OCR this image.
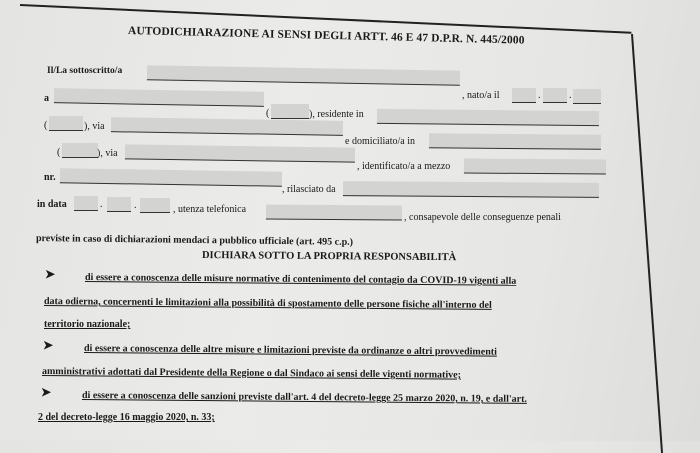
AUTODICHIARAZIONE AI SENSI DEGLI ARTT. 46 E 47 D.P.R. N. 445/2000
Il/La sottoscritto/a
, nato/a il	.	.
a
(	), residente in
(	), via
e domiciliato/a in
(	), via
, identificato/a a mezzo
nr.
, rilasciato da
in data	.	.	, utenza telefonica
, consapevole delle conseguenze penali
previste in caso di dichiarazioni mendaci a pubblico ufficiale (art. 495 c.p.)
DICHIARA SOTTO LA PROPRIA RESPONSABILITÀ
➤	di essere a conoscenza delle misure normative di contenimento del contagio da COVID-19 vigenti alla
data odierna, concernenti le limitazioni alla possibilità di spostamento delle persone fisiche all'interno del
territorio nazionale;
➤	di essere a conoscenza delle altre misure e limitazioni previste da ordinanze o altri provvedimenti
amministrativi adottati dal Presidente della Regione o dal Sindaco ai sensi delle vigenti normative;
➤	di essere a conoscenza delle sanzioni previste dall'art. 4 del decreto-legge 25 marzo 2020, n. 19, e dall'art.
2 del decreto-legge 16 maggio 2020, n. 33;
